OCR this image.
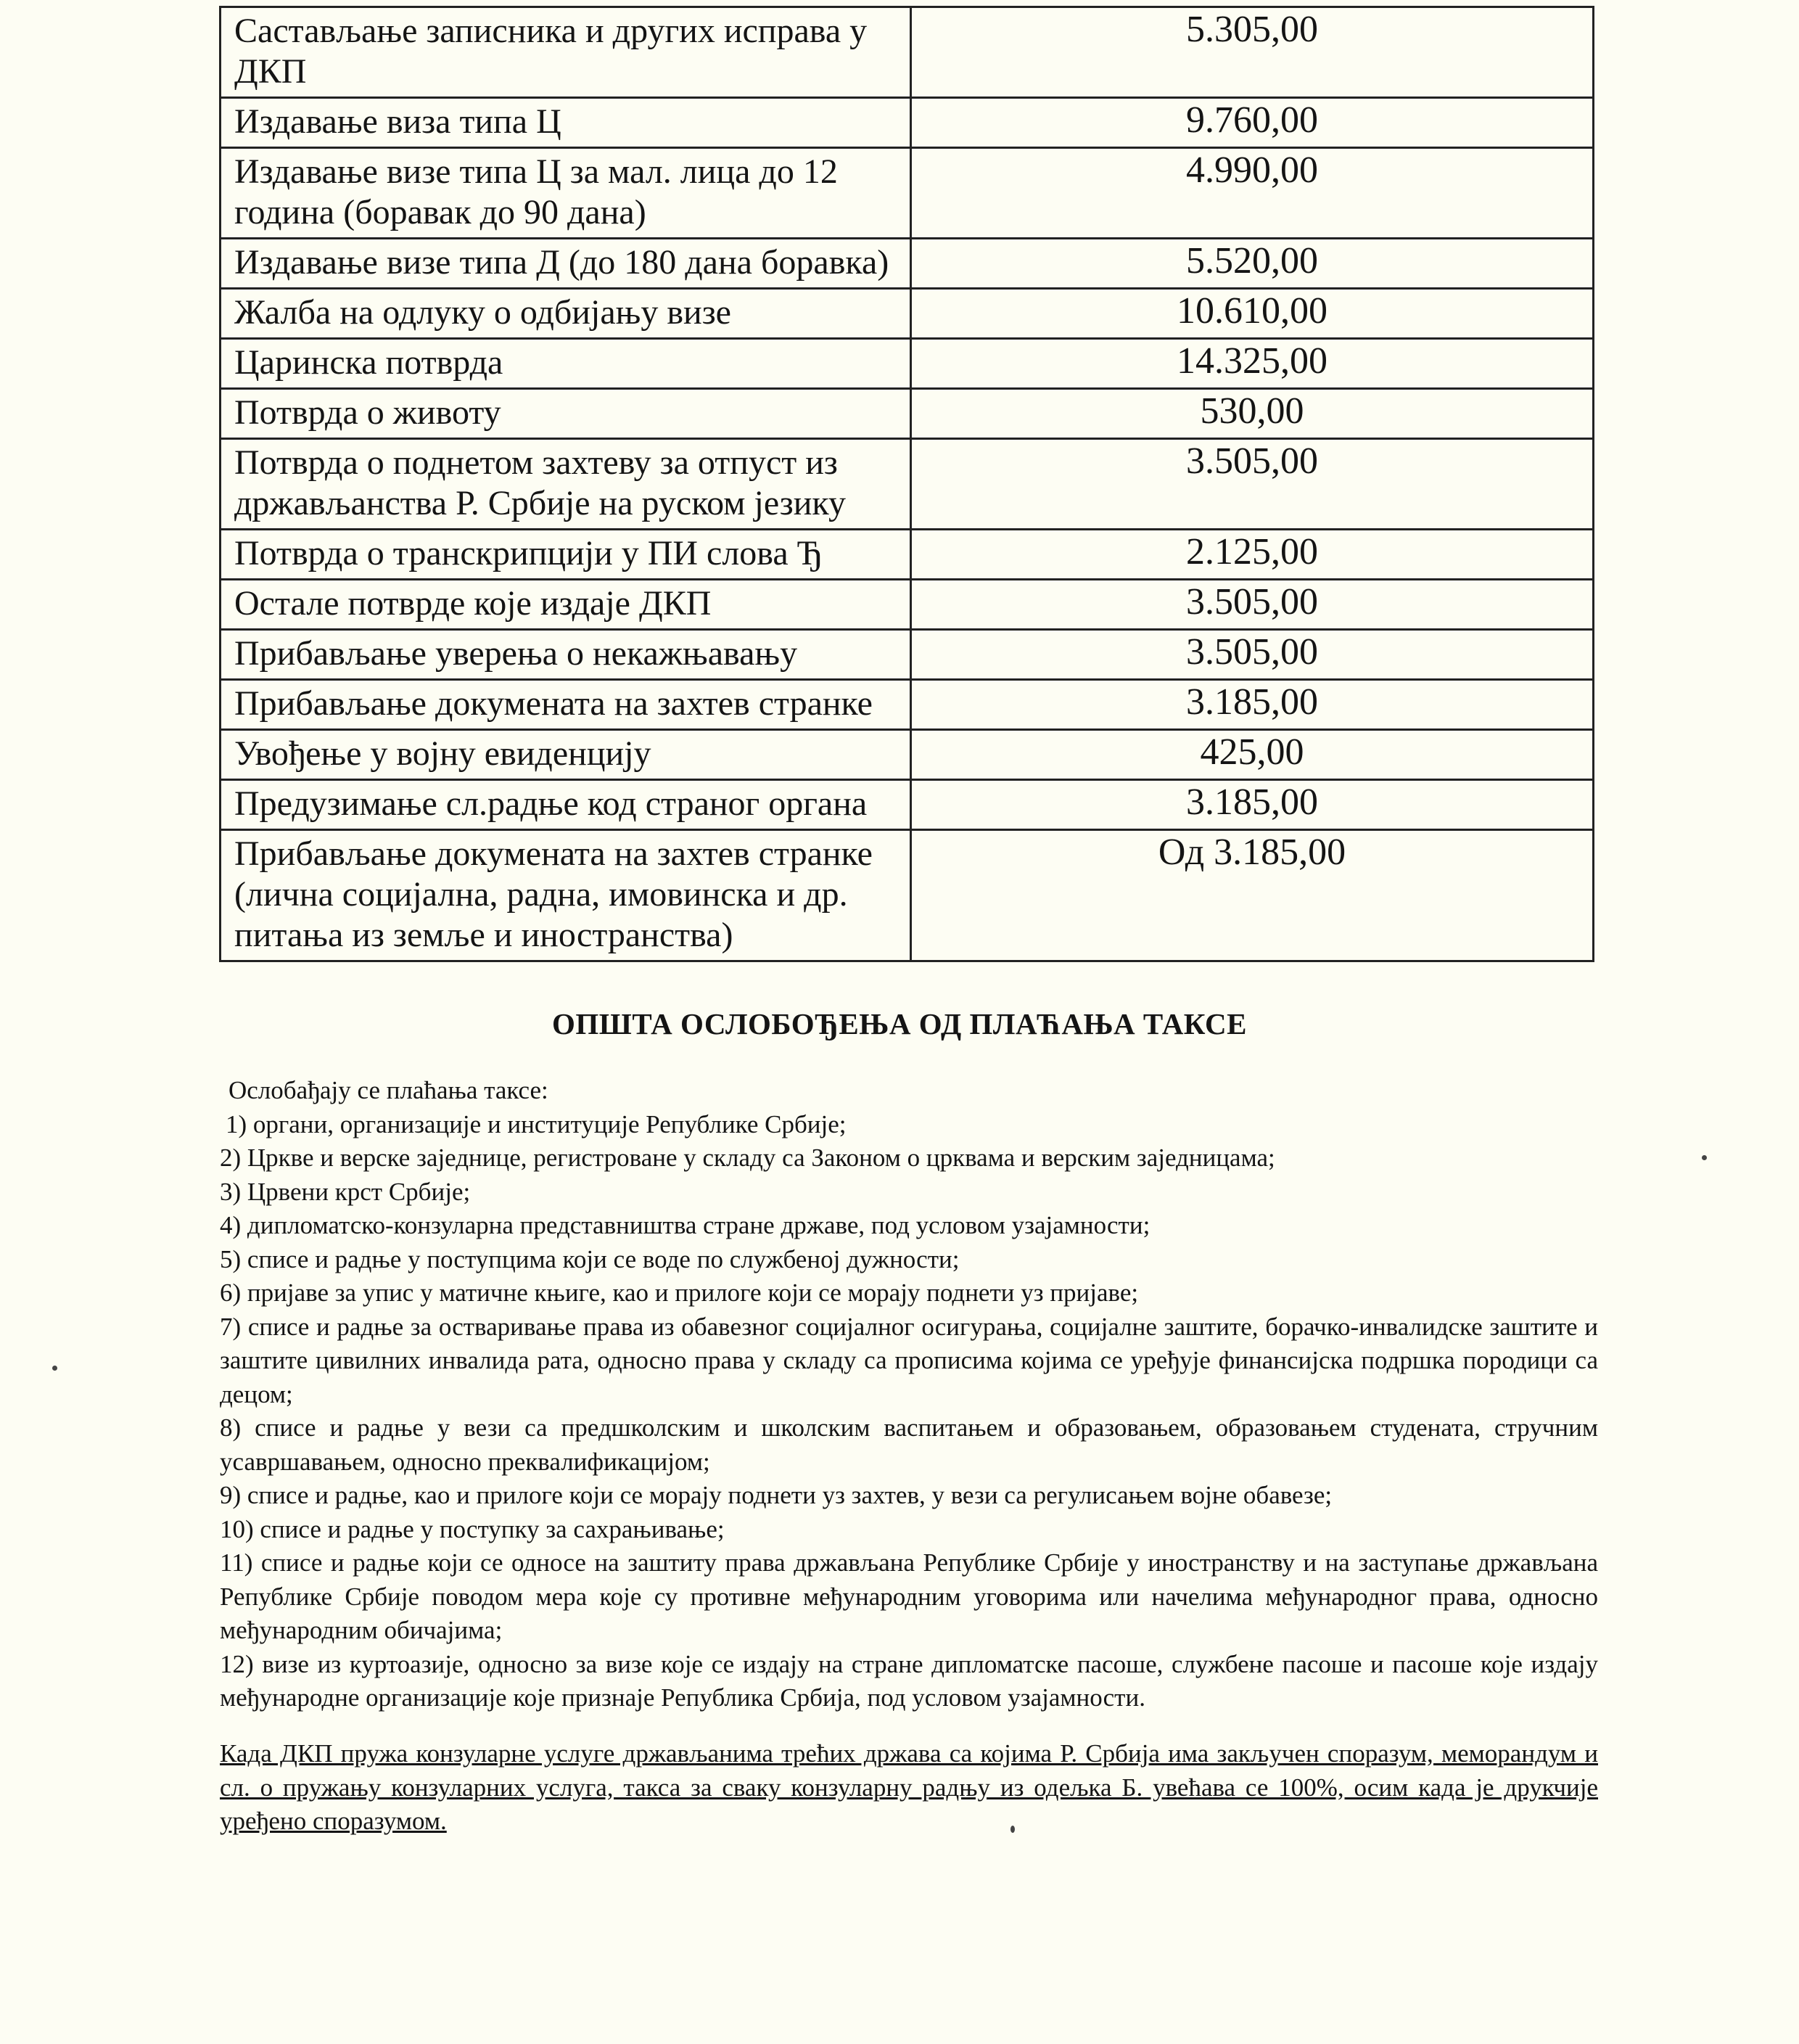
Састављање записника и других исправа у ДКП	5.305,00
Издавање виза типа Ц	9.760,00
Издавање визе типа Ц за мал. лица до 12 година (боравак до 90 дана)	4.990,00
Издавање визе типа Д (до 180 дана боравка)	5.520,00
Жалба на одлуку о одбијању визе	10.610,00
Царинска потврда	14.325,00
Потврда о животу	530,00
Потврда о поднетом захтеву за отпуст из држављанства Р. Србије на руском језику	3.505,00
Потврда о транскрипцији у ПИ слова Ђ	2.125,00
Остале потврде које издаје ДКП	3.505,00
Прибављање уверења о некажњавању	3.505,00
Прибављање докумената на захтев странке	3.185,00
Увођење у војну евиденцију	425,00
Предузимање сл.радње код страног органа	3.185,00
Прибављање докумената на захтев странке (лична социјална, радна, имовинска и др. питања из земље и иностранства)	Од 3.185,00
ОПШТА ОСЛОБОЂЕЊА ОД ПЛАЋАЊА ТАКСЕ
Ослобађају се плаћања таксе:
1) органи, организације и институције Републике Србије;
2) Цркве и верске заједнице, регистроване у складу са Законом о црквама и верским заједницама;
3) Црвени крст Србије;
4) дипломатско-конзуларна представништва стране државе, под условом узајамности;
5) списе и радње у поступцима који се воде по службеној дужности;
6) пријаве за упис у матичне књиге, као и прилоге који се морају поднети уз пријаве;
7) списе и радње за остваривање права из обавезног социјалног осигурања, социјалне заштите, борачко-инвалидске заштите и заштите цивилних инвалида рата, односно права у складу са прописима којима се уређује финансијска подршка породици са децом;
8) списе и радње у вези са предшколским и школским васпитањем и образовањем, образовањем студената, стручним усавршавањем, односно преквалификацијом;
9) списе и радње, као и прилоге који се морају поднети уз захтев, у вези са регулисањем војне обавезе;
10) списе и радње у поступку за сахрањивање;
11) списе и радње који се односе на заштиту права држављана Републике Србије у иностранству и на заступање држављана Републике Србије поводом мера које су противне међународним уговорима или начелима међународног права, односно међународним обичајима;
12) визе из куртоазије, односно за визе које се издају на стране дипломатске пасоше, службене пасоше и пасоше које издају међународне организације које признаје Република Србија, под условом узајамности.
Када ДКП пружа конзуларне услуге држављанима трећих држава са којима Р. Србија има закључен споразум, меморандум и сл. о пружању конзуларних услуга, такса за сваку конзуларну радњу из одељка Б. увећава се 100%, осим када је друкчије уређено споразумом.
